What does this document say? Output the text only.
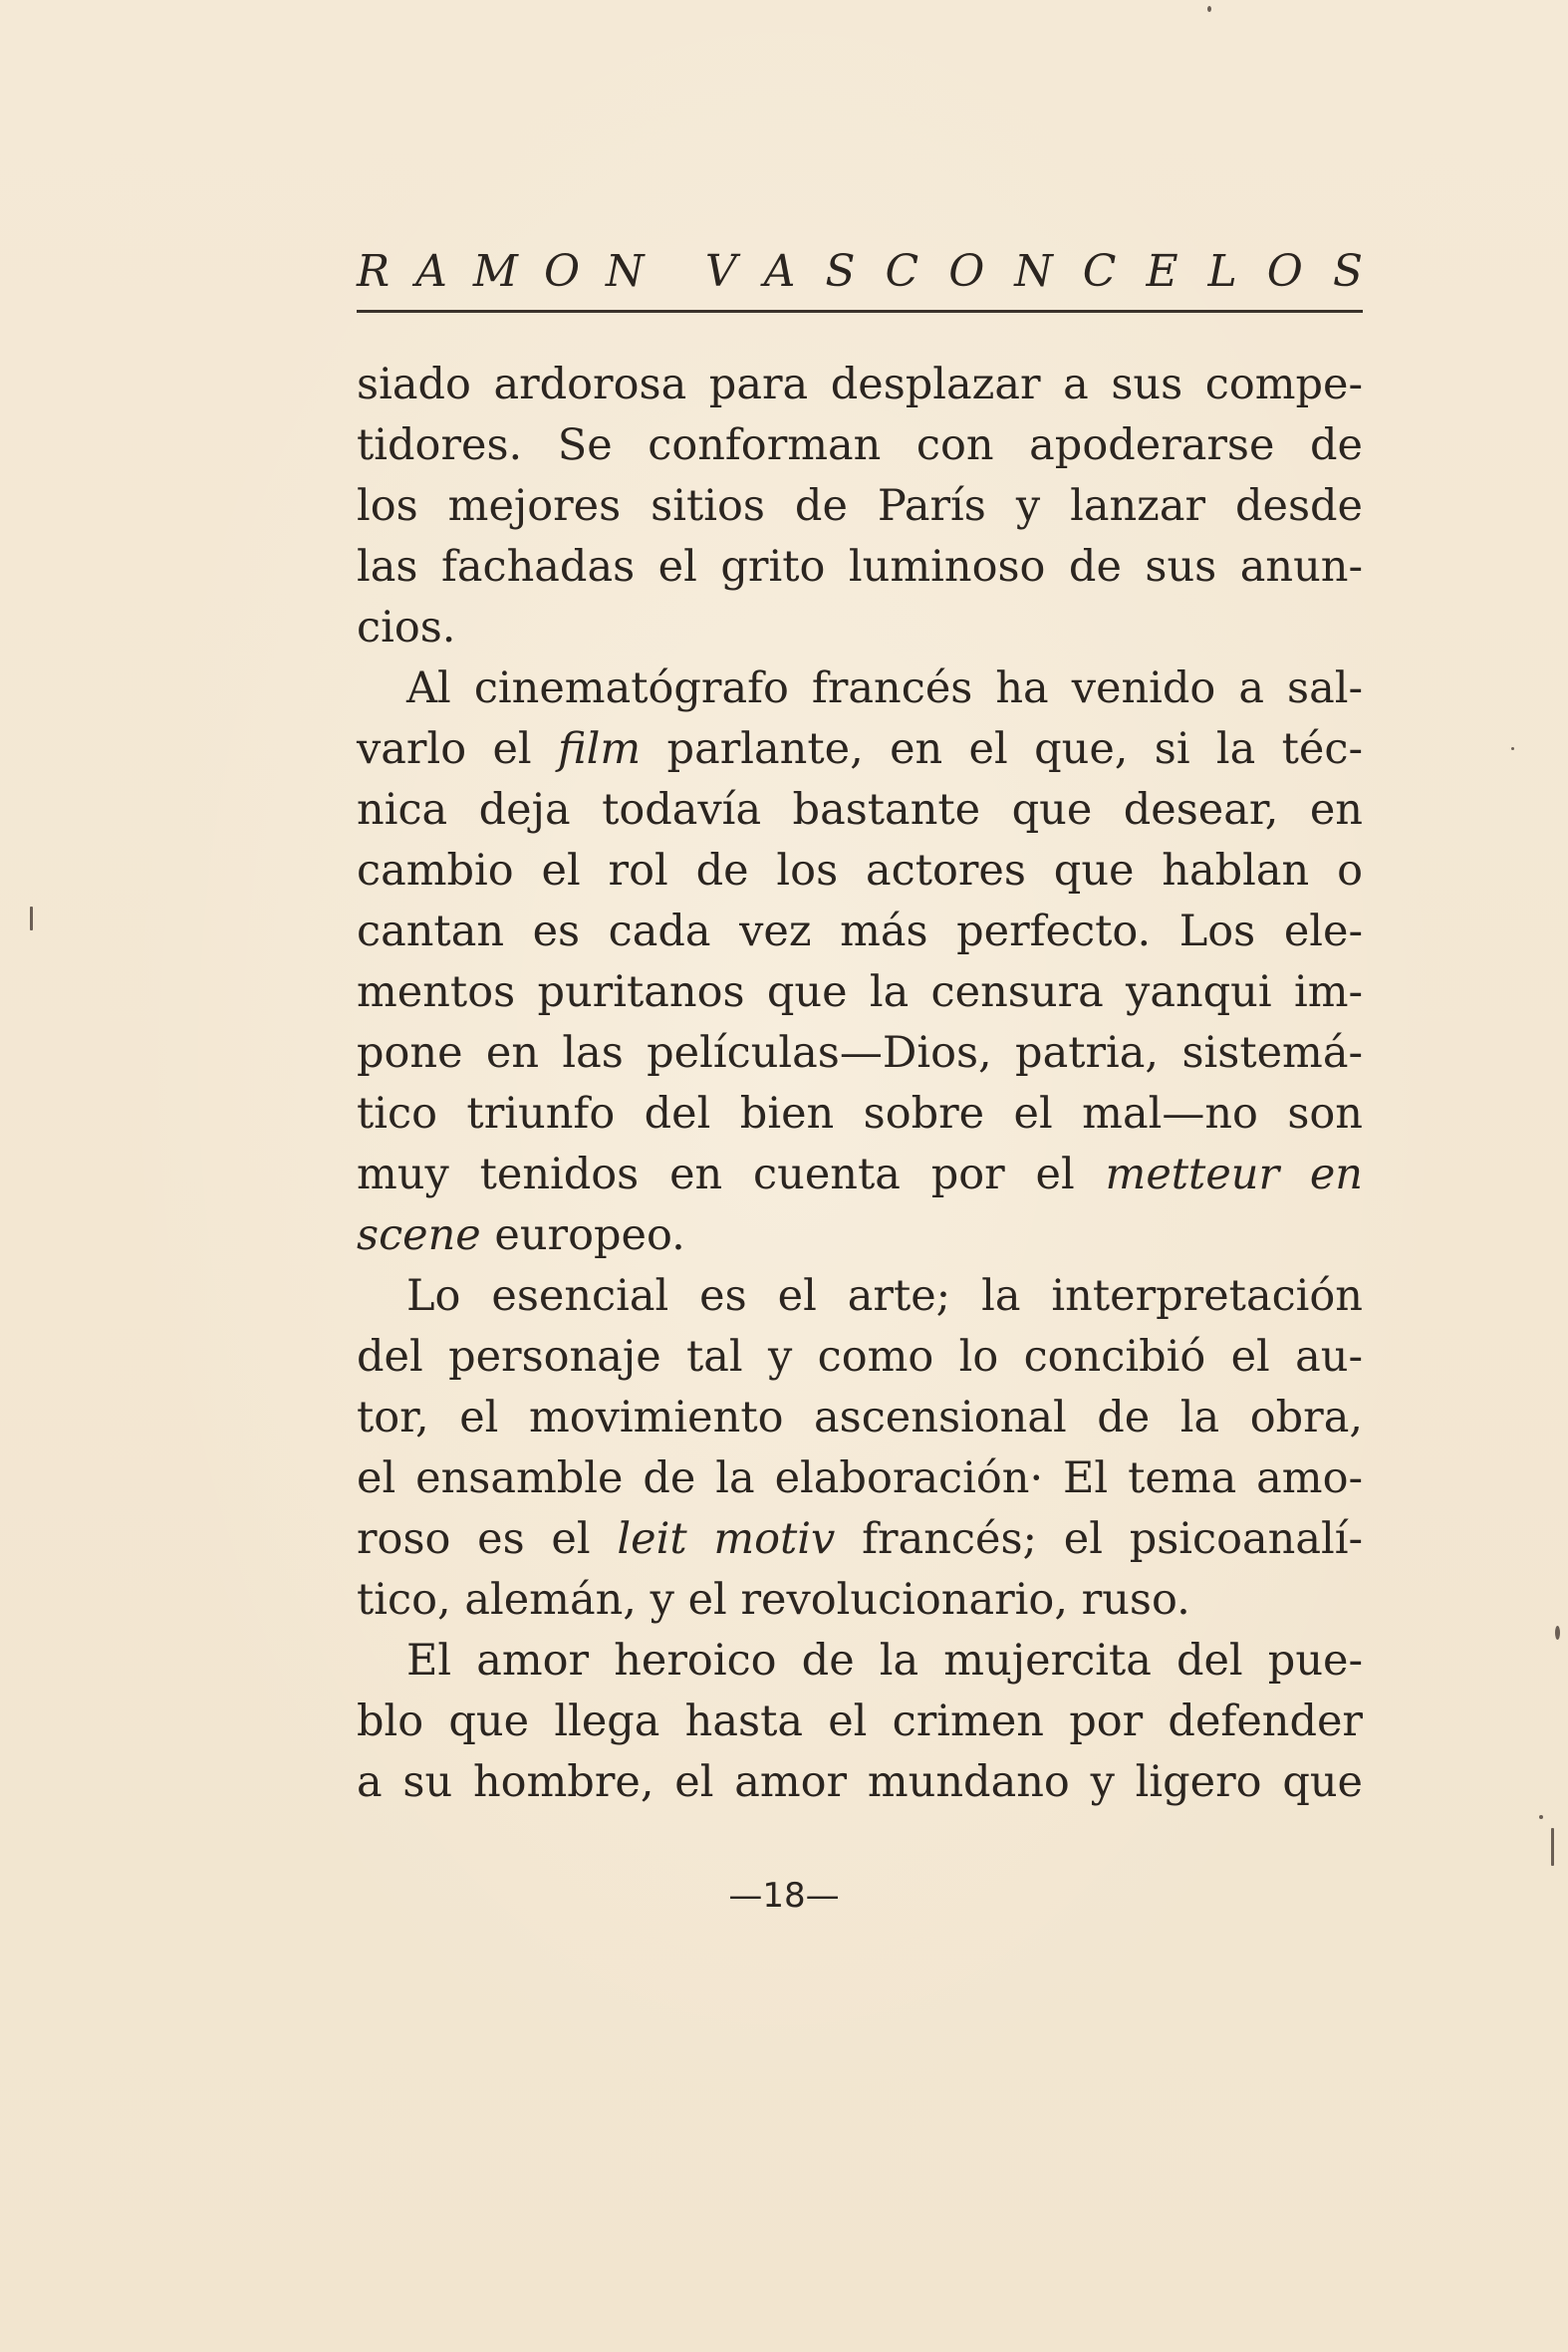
RAMON VASCONCELOS

siado ardorosa para desplazar a sus compe-
tidores. Se conforman con apoderarse de
los mejores sitios de París y lanzar desde
las fachadas el grito luminoso de sus anun-
cios.

Al cinematógrafo francés ha venido a sal-
varlo el film parlante, en el que, si la téc-
nica deja todavía bastante que desear, en
cambio el rol de los actores que hablan o
cantan es cada vez más perfecto. Los ele-
mentos puritanos que la censura yanqui im-
pone en las películas—Dios, patria, sistemá-
tico triunfo del bien sobre el mal—no son
muy tenidos en cuenta por el metteur en
scene europeo.

Lo esencial es el arte; la interpretación
del personaje tal y como lo concibió el au-
tor, el movimiento ascensional de la obra,
el ensamble de la elaboración· El tema amo-
roso es el leit motiv francés; el psicoanalí-
tico, alemán, y el revolucionario, ruso.

El amor heroico de la mujercita del pue-
blo que llega hasta el crimen por defender
a su hombre, el amor mundano y ligero que

—18—
